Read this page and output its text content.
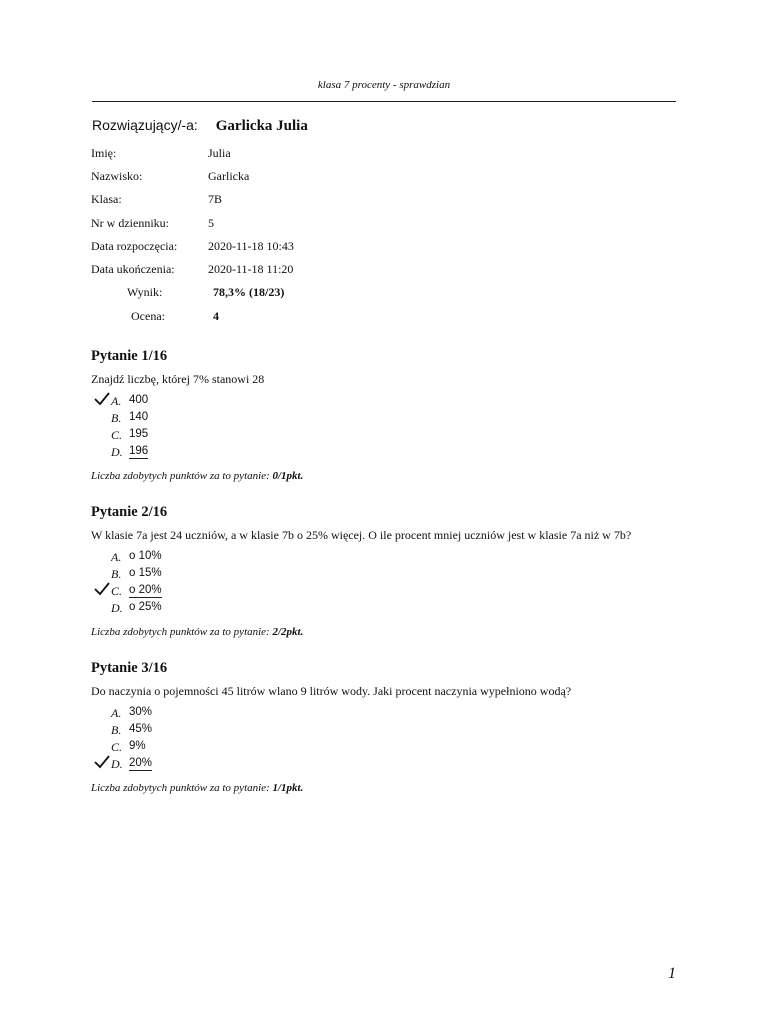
klasa 7 procenty - sprawdzian
Rozwiązujący/-a: Garlicka Julia
Imię:	Julia
Nazwisko:	Garlicka
Klasa:	7B
Nr w dzienniku:	5
Data rozpoczęcia:	2020-11-18 10:43
Data ukończenia:	2020-11-18 11:20
Wynik:	78,3% (18/23)
Ocena:	4
Pytanie 1/16
Znajdź liczbę, której 7% stanowi 28
A. 400
B. 140
C. 195
D. 196
Liczba zdobytych punktów za to pytanie: 0/1pkt.
Pytanie 2/16
W klasie 7a jest 24 uczniów, a w klasie 7b o 25% więcej. O ile procent mniej uczniów jest w klasie 7a niż w 7b?
A. o 10%
B. o 15%
C. o 20%
D. o 25%
Liczba zdobytych punktów za to pytanie: 2/2pkt.
Pytanie 3/16
Do naczynia o pojemności 45 litrów wlano 9 litrów wody. Jaki procent naczynia wypełniono wodą?
A. 30%
B. 45%
C. 9%
D. 20%
Liczba zdobytych punktów za to pytanie: 1/1pkt.
1
